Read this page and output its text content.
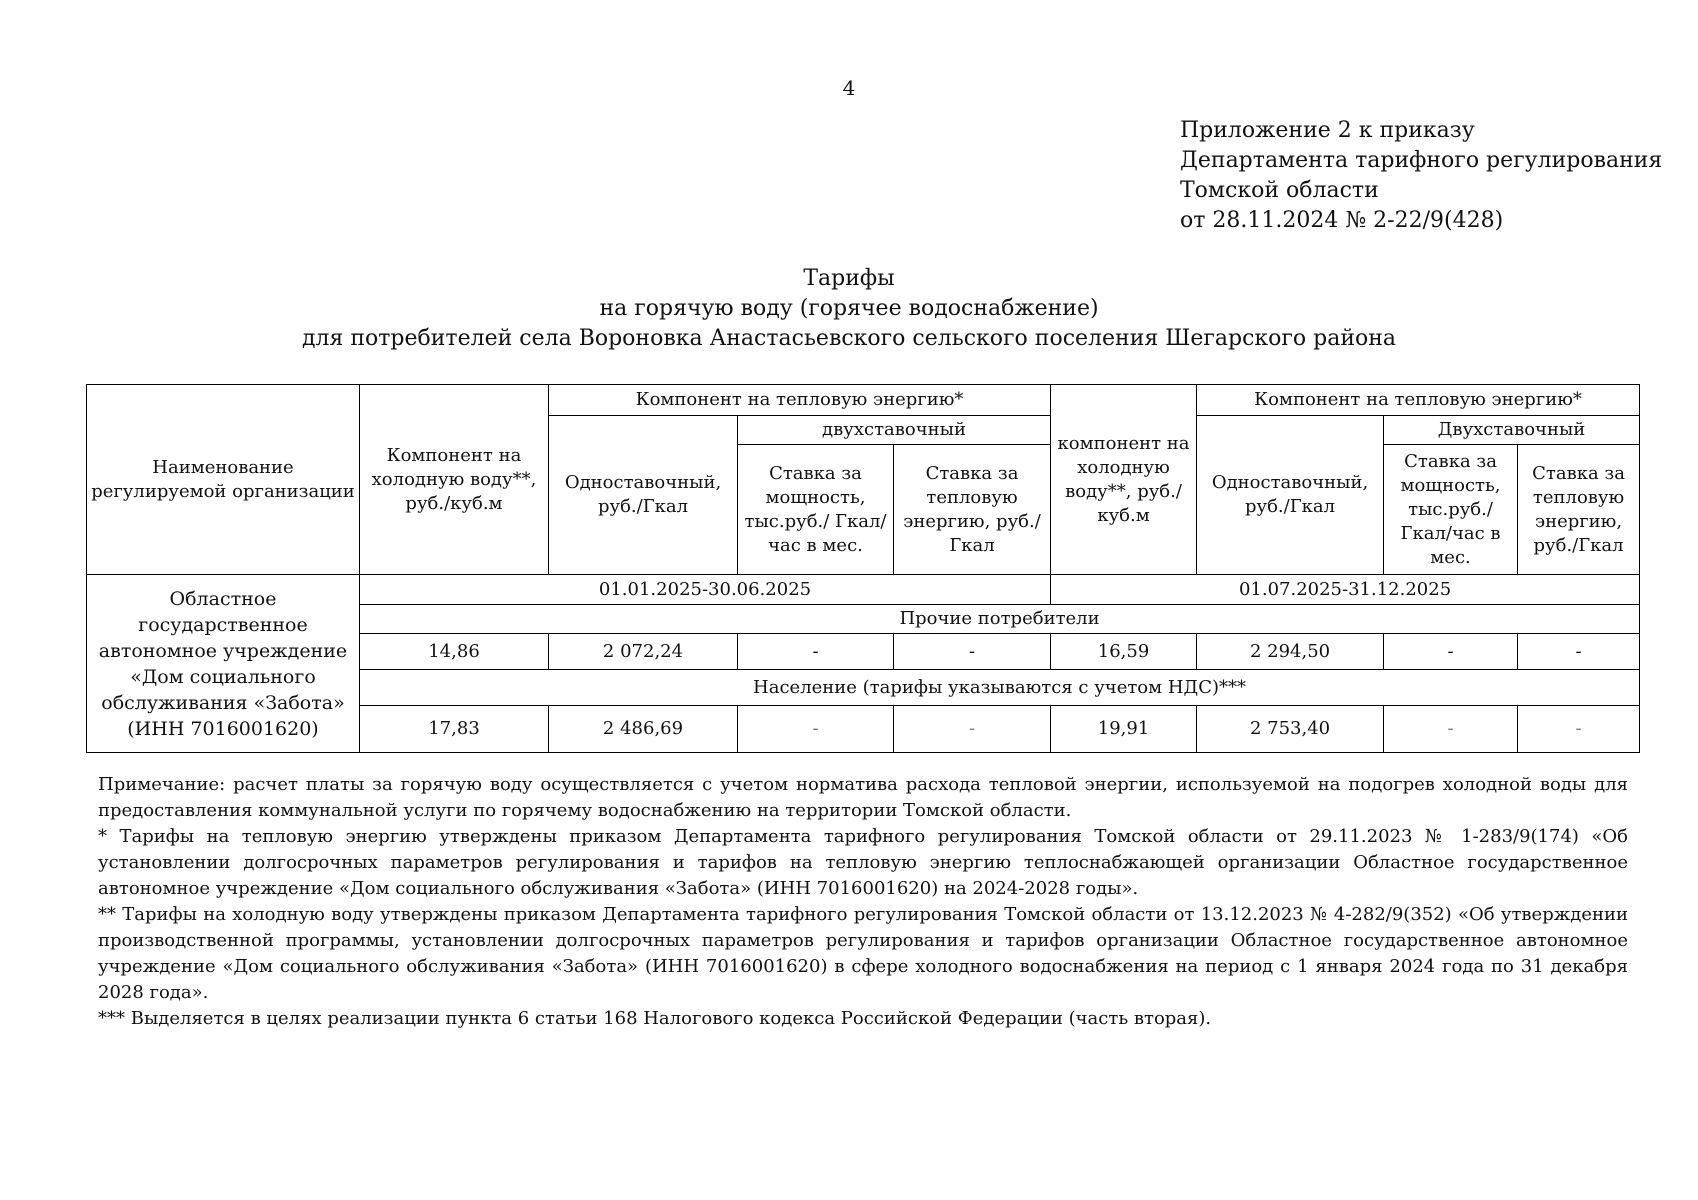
4
Приложение 2 к приказу
Департамента тарифного регулирования
Томской области
от 28.11.2024 № 2-22/9(428)
Тарифы
на горячую воду (горячее водоснабжение)
для потребителей села Вороновка Анастасьевского сельского поселения Шегарского района
Наименование регулируемой организации	Компонент на холодную воду**, руб./куб.м	Компонент на тепловую энергию*			компонент на холодную воду**, руб./куб.м	Компонент на тепловую энергию*		
		Одноставочный, руб./Гкал	двухставочный			Одноставочный, руб./Гкал	Двухставочный	
			Ставка за мощность, тыс.руб./ Гкал/час в мес.	Ставка за тепловую энергию, руб./Гкал			Ставка за мощность, тыс.руб./ Гкал/час в мес.	Ставка за тепловую энергию, руб./Гкал
Областное государственное автономное учреждение «Дом социального обслуживания «Забота» (ИНН 7016001620)	01.01.2025-30.06.2025				01.07.2025-31.12.2025			
	Прочие потребители							
	14,86	2 072,24	-	-	16,59	2 294,50	-	-
	Население (тарифы указываются с учетом НДС)***							
	17,83	2 486,69	-	-	19,91	2 753,40	-	-

Примечание: расчет платы за горячую воду осуществляется с учетом норматива расхода тепловой энергии, используемой на подогрев холодной воды для предоставления коммунальной услуги по горячему водоснабжению на территории Томской области.

* Тарифы на тепловую энергию утверждены приказом Департамента тарифного регулирования Томской области от 29.11.2023 № 1-283/9(174) «Об установлении долгосрочных параметров регулирования и тарифов на тепловую энергию теплоснабжающей организации Областное государственное автономное учреждение «Дом социального обслуживания «Забота» (ИНН 7016001620) на 2024-2028 годы».

** Тарифы на холодную воду утверждены приказом Департамента тарифного регулирования Томской области от 13.12.2023 № 4-282/9(352) «Об утверждении производственной программы, установлении долгосрочных параметров регулирования и тарифов организации Областное государственное автономное учреждение «Дом социального обслуживания «Забота» (ИНН 7016001620) в сфере холодного водоснабжения на период с 1 января 2024 года по 31 декабря 2028 года».

*** Выделяется в целях реализации пункта 6 статьи 168 Налогового кодекса Российской Федерации (часть вторая).
